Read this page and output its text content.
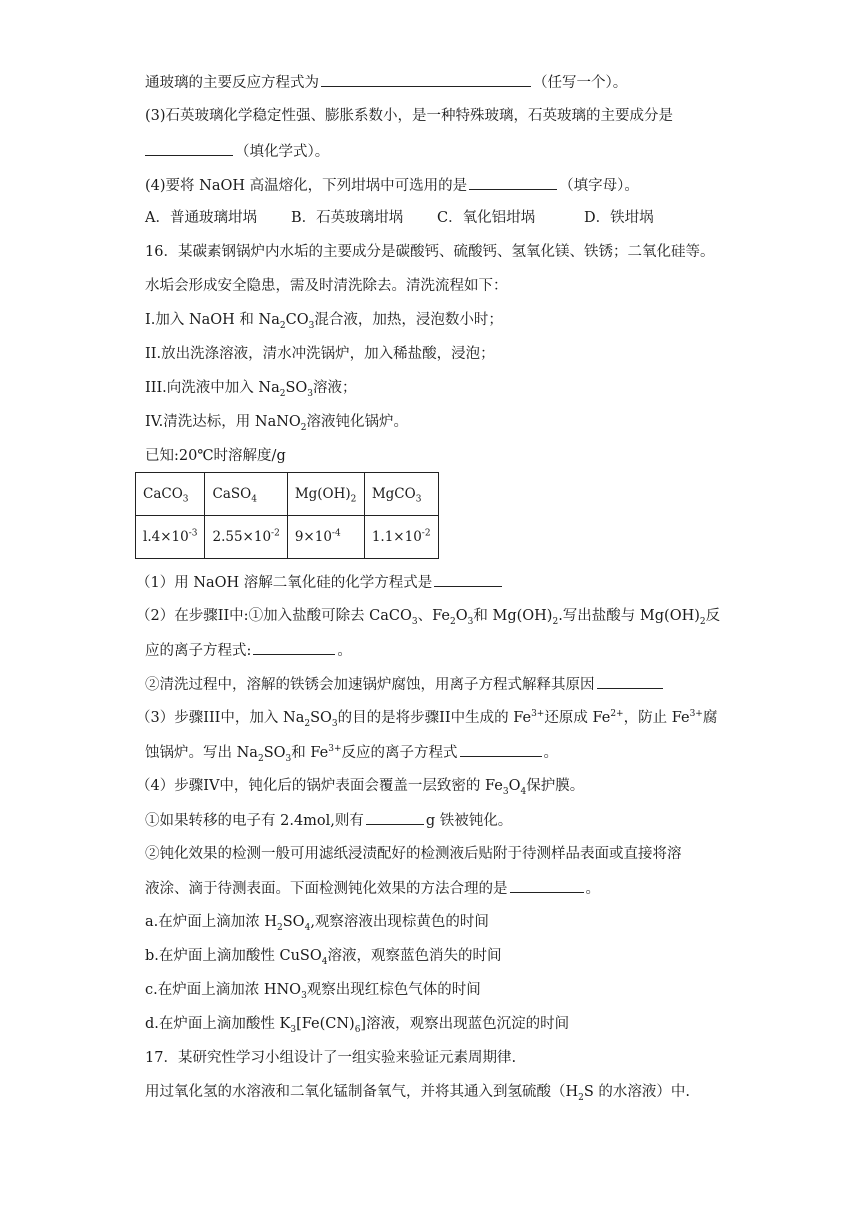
通玻璃的主要反应方程式为	（任写一个）。
(3)石英玻璃化学稳定性强、膨胀系数小，是一种特殊玻璃，石英玻璃的主要成分是
（填化学式）。
(4)要将 NaOH 高温熔化，下列坩埚中可选用的是	（填字母）。
A．普通玻璃坩埚 B．石英玻璃坩埚 C．氧化铝坩埚	D．铁坩埚
16．某碳素钢锅炉内水垢的主要成分是碳酸钙、硫酸钙、氢氧化镁、铁锈；二氧化硅等。
水垢会形成安全隐患，需及时清洗除去。清洗流程如下：
I.加入 NaOH 和 $Na_2CO_3$混合液，加热，浸泡数小时；
II.放出洗涤溶液，清水冲洗锅炉，加入稀盐酸，浸泡；
III.向洗液中加入 $Na_2SO_3$溶液；
IV.清洗达标，用 NaNO$_2$溶液钝化锅炉。
已知:20℃时溶解度/g
CaCO$_3$	CaSO$_4$	$Mg(OH)_2$	MgCO$_3$
$l.4\times 10^{-3}$	$2.55\times 10^{-2}$	$9\times 10^{-4}$	$1.1\times 10^{-2}$
（1）用 NaOH 溶解二氧化硅的化学方程式是
（2）在步骤II中:①加入盐酸可除去 CaCO$_3$、$Fe_2O_3$和 $Mg(OH)_2$.写出盐酸与 $Mg(OH)_2$反
应的离子方程式:	。
②清洗过程中，溶解的铁锈会加速锅炉腐蚀，用离子方程式解释其原因
（3）步骤III中，加入 $Na_2SO_3$的目的是将步骤II中生成的 $Fe^{3+}$还原成 $Fe^{2+}$，防止 $Fe^{3+}$腐
蚀锅炉。写出 $Na_2SO_3$和 $Fe^{3+}$反应的离子方程式	。
（4）步骤IV中，钝化后的锅炉表面会覆盖一层致密的 $Fe_3O_4$保护膜。
①如果转移的电子有 2.4mol,则有	g 铁被钝化。
②钝化效果的检测一般可用滤纸浸渍配好的检测液后贴附于待测样品表面或直接将溶
液涂、滴于待测表面。下面检测钝化效果的方法合理的是	。
a.在炉面上滴加浓 $H_2SO_4$,观察溶液出现棕黄色的时间
b.在炉面上滴加酸性 CuSO$_4$溶液，观察蓝色消失的时间
c.在炉面上滴加浓 $HNO_3$观察出现红棕色气体的时间
d.在炉面上滴加酸性 $K_3[Fe(CN)_6]$溶液，观察出现蓝色沉淀的时间
17．某研究性学习小组设计了一组实验来验证元素周期律.
用过氧化氢的水溶液和二氧化锰制备氧气，并将其通入到氢硫酸（$H_2S$ 的水溶液）中.
